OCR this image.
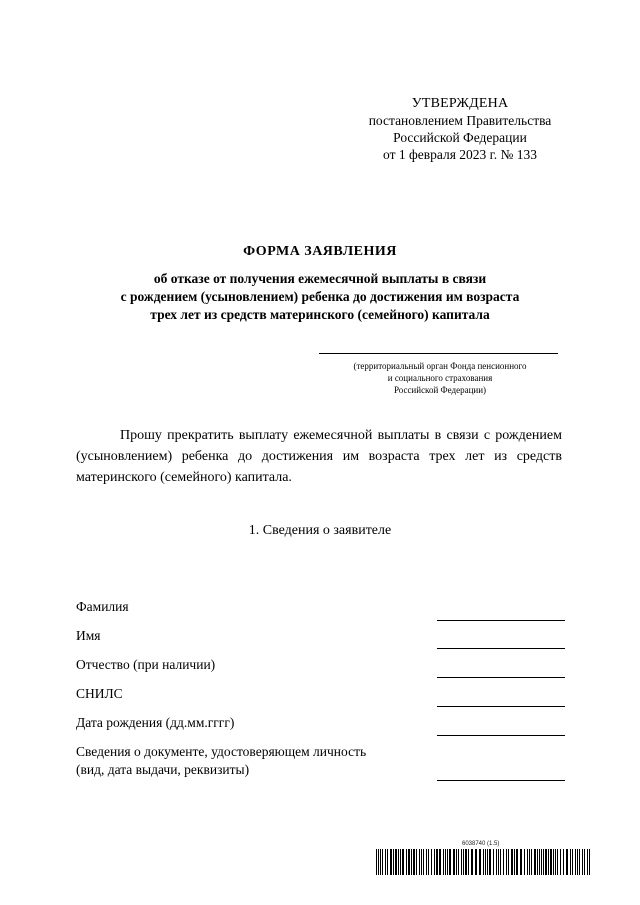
УТВЕРЖДЕНА
постановлением Правительства
Российской Федерации
от 1 февраля 2023 г. № 133
ФОРМА ЗАЯВЛЕНИЯ
об отказе от получения ежемесячной выплаты в связи
с рождением (усыновлением) ребенка до достижения им возраста
трех лет из средств материнского (семейного) капитала
(территориальный орган Фонда пенсионного
и социального страхования
Российской Федерации)

Прошу прекратить выплату ежемесячной выплаты в связи с рождением (усыновлением) ребенка до достижения им возраста трех лет из средств материнского (семейного) капитала.

1. Сведения о заявителе
Фамилия
Имя
Отчество (при наличии)
СНИЛС
Дата рождения (дд.мм.гггг)
Сведения о документе, удостоверяющем личность
(вид, дата выдачи, реквизиты)
6038740 (1.5)
